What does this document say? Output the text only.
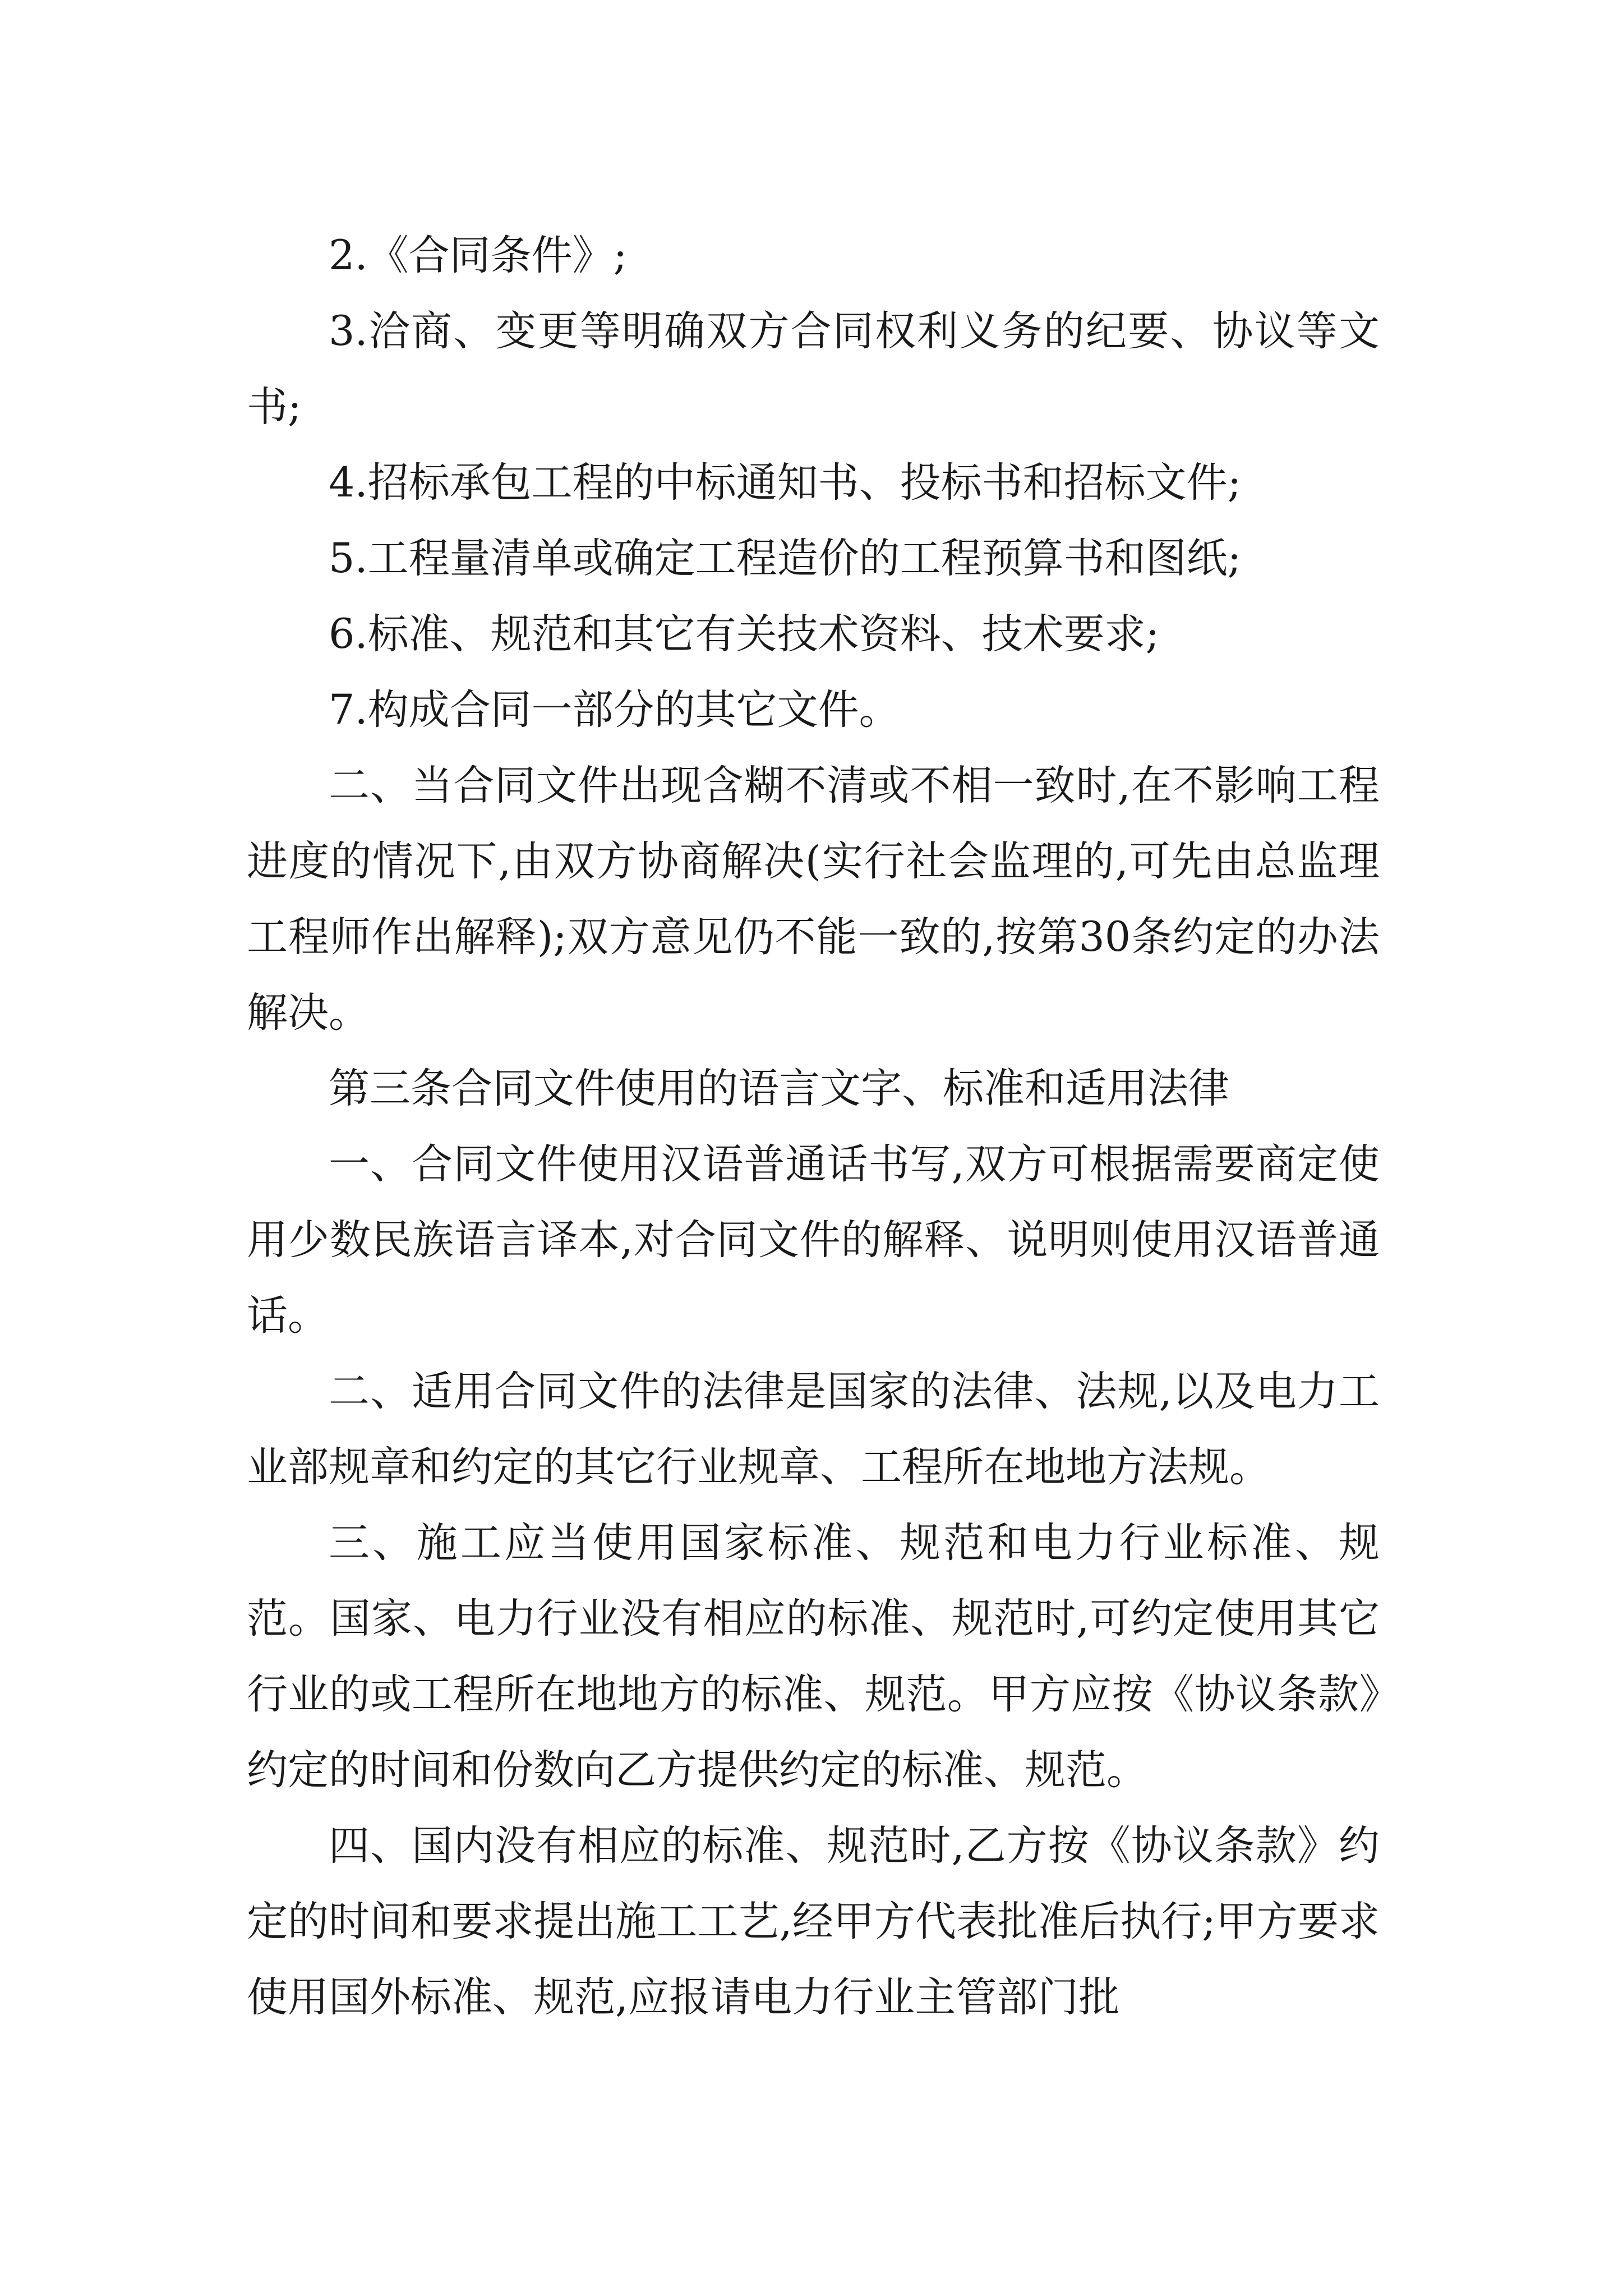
2.《合同条件》;

3.洽商、变更等明确双方合同权利义务的纪要、协议等文书;

4.招标承包工程的中标通知书、投标书和招标文件;

5.工程量清单或确定工程造价的工程预算书和图纸;

6.标准、规范和其它有关技术资料、技术要求;

7.构成合同一部分的其它文件。

二、当合同文件出现含糊不清或不相一致时,在不影响工程进度的情况下,由双方协商解决(实行社会监理的,可先由总监理工程师作出解释);双方意见仍不能一致的,按第30条约定的办法解决。

第三条合同文件使用的语言文字、标准和适用法律

一、合同文件使用汉语普通话书写,双方可根据需要商定使用少数民族语言译本,对合同文件的解释、说明则使用汉语普通话。

二、适用合同文件的法律是国家的法律、法规,以及电力工业部规章和约定的其它行业规章、工程所在地地方法规。

三、施工应当使用国家标准、规范和电力行业标准、规范。国家、电力行业没有相应的标准、规范时,可约定使用其它行业的或工程所在地地方的标准、规范。甲方应按《协议条款》约定的时间和份数向乙方提供约定的标准、规范。

四、国内没有相应的标准、规范时,乙方按《协议条款》约定的时间和要求提出施工工艺,经甲方代表批准后执行;甲方要求使用国外标准、规范,应报请电力行业主管部门批
